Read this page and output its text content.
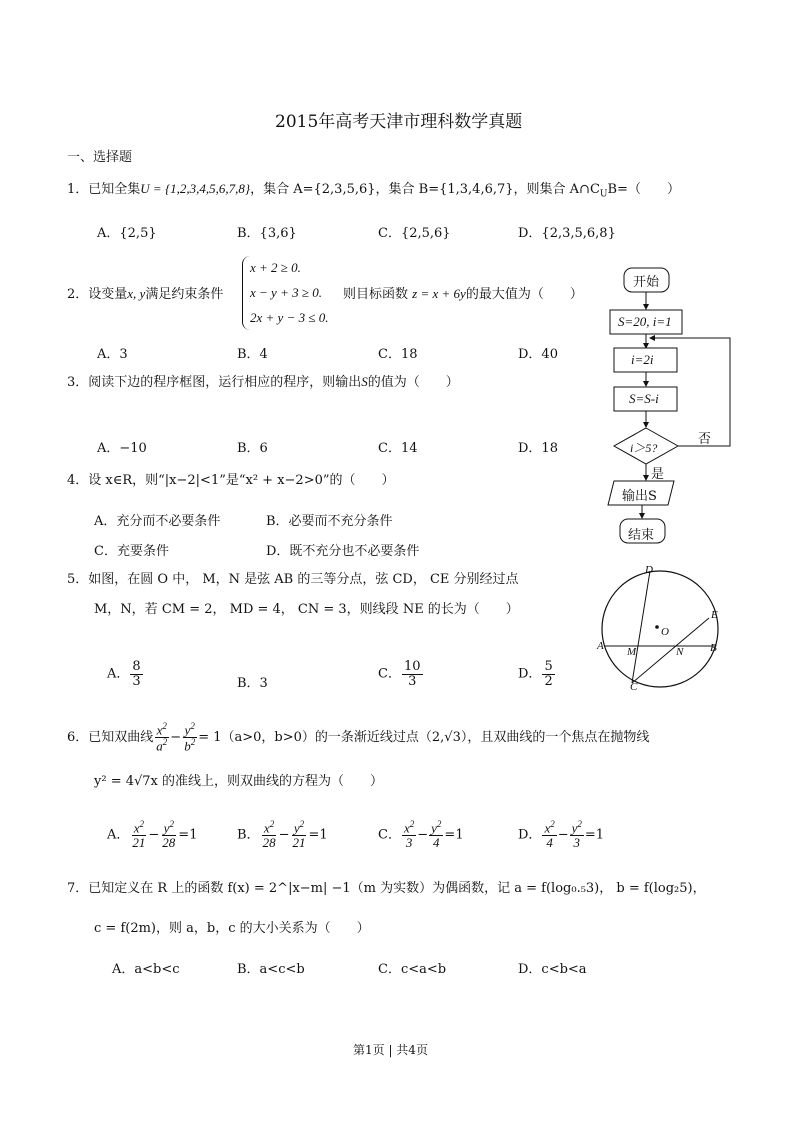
2015年高考天津市理科数学真题
一、选择题
1．已知全集U = {1,2,3,4,5,6,7,8}，集合 A={2,3,5,6}，集合 B={1,3,4,6,7}，则集合 $A\cap C_UB=$（　　）
A．{2,5}	B．{3,6}	C．{2,5,6}	D．{2,3,5,6,8}
2．设变量x, y满足约束条件
x + 2 ≥ 0.
x − y + 3 ≥ 0.
2x + y − 3 ≤ 0.
则目标函数 z = x + 6y的最大值为（　　）
A．3	B．4	C．18	D．40
3．阅读下边的程序框图，运行相应的程序，则输出S的值为（　　）
A．−10	B．6	C．14	D．18
开始
S=20, i=1
i=2i
S=S-i
i＞5?
否
是
输出S
结束
4．设 x∈R，则“|x−2|<1”是“x² + x−2>0”的（　　）
A．充分而不必要条件	B．必要而不充分条件
C．充要条件	D．既不充分也不必要条件
5．如图，在圆 O 中， M，N 是弦 AB 的三等分点，弦 CD， CE 分别经过点
M，N，若 CM = 2， MD = 4， CN = 3，则线段 NE 的长为（　　）
A． $\frac{8}{3}$	B．3
C． $\frac{10}{3}$	D． $\frac{5}{2}$
D
E
A	B
M	N
C
O
6．已知双曲线 $\frac{x^2}{a^2} - \frac{y^2}{b^2} = 1(a>0$，b>0）的一条渐近线过点（2,√3），且双曲线的一个焦点在抛物线
y² = 4√7x 的准线上，则双曲线的方程为（　　）
A． $\frac{x^2}{21} - \frac{y^2}{28} =1$	B． $\frac{x^2}{28} - \frac{y^2}{21} =1$	C． $\frac{x^2}{3} - \frac{y^2}{4} =1$	D． $\frac{x^2}{4} - \frac{y^2}{3} =1$
7．已知定义在 R 上的函数 f(x) = 2^|x−m| −1（m 为实数）为偶函数，记 a = f(log₀.₅3)， b = f(log₂5)，
c = f(2m)，则 a，b，c 的大小关系为（　　）
A．a<b<c	B．a<c<b	C．c<a<b	D．c<b<a
第1页 | 共4页
